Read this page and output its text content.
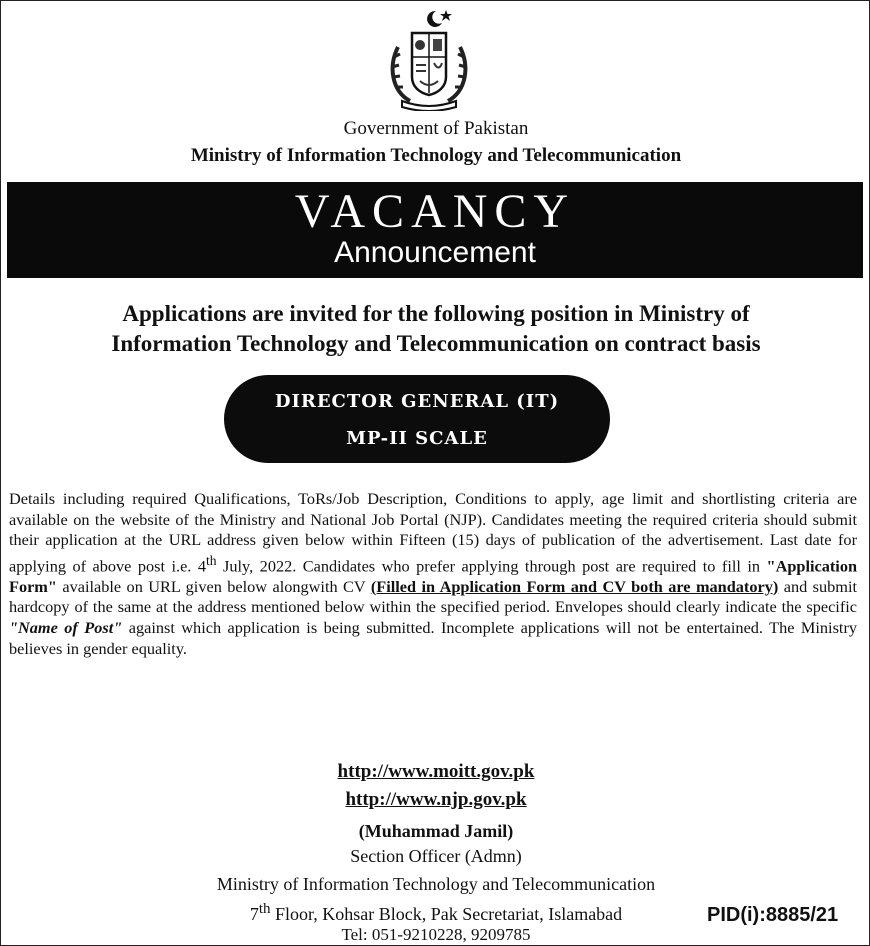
Government of Pakistan
Ministry of Information Technology and Telecommunication
VACANCY
Announcement
Applications are invited for the following position in Ministry of
Information Technology and Telecommunication on contract basis
DIRECTOR GENERAL (IT)
MP-II SCALE
Details including required Qualifications, ToRs/Job Description, Conditions to apply, age limit and shortlisting criteria are available on the website of the Ministry and National Job Portal (NJP). Candidates meeting the required criteria should submit their application at the URL address given below within Fifteen (15) days of publication of the advertisement. Last date for applying of above post i.e. 4th July, 2022. Candidates who prefer applying through post are required to fill in "Application Form" available on URL given below alongwith CV (Filled in Application Form and CV both are mandatory) and submit hardcopy of the same at the address mentioned below within the specified period. Envelopes should clearly indicate the specific "Name of Post" against which application is being submitted. Incomplete applications will not be entertained. The Ministry believes in gender equality.
http://www.moitt.gov.pk
http://www.njp.gov.pk
(Muhammad Jamil)
Section Officer (Admn)
Ministry of Information Technology and Telecommunication
7th Floor, Kohsar Block, Pak Secretariat, Islamabad
Tel: 051-9210228, 9209785
PID(i):8885/21
